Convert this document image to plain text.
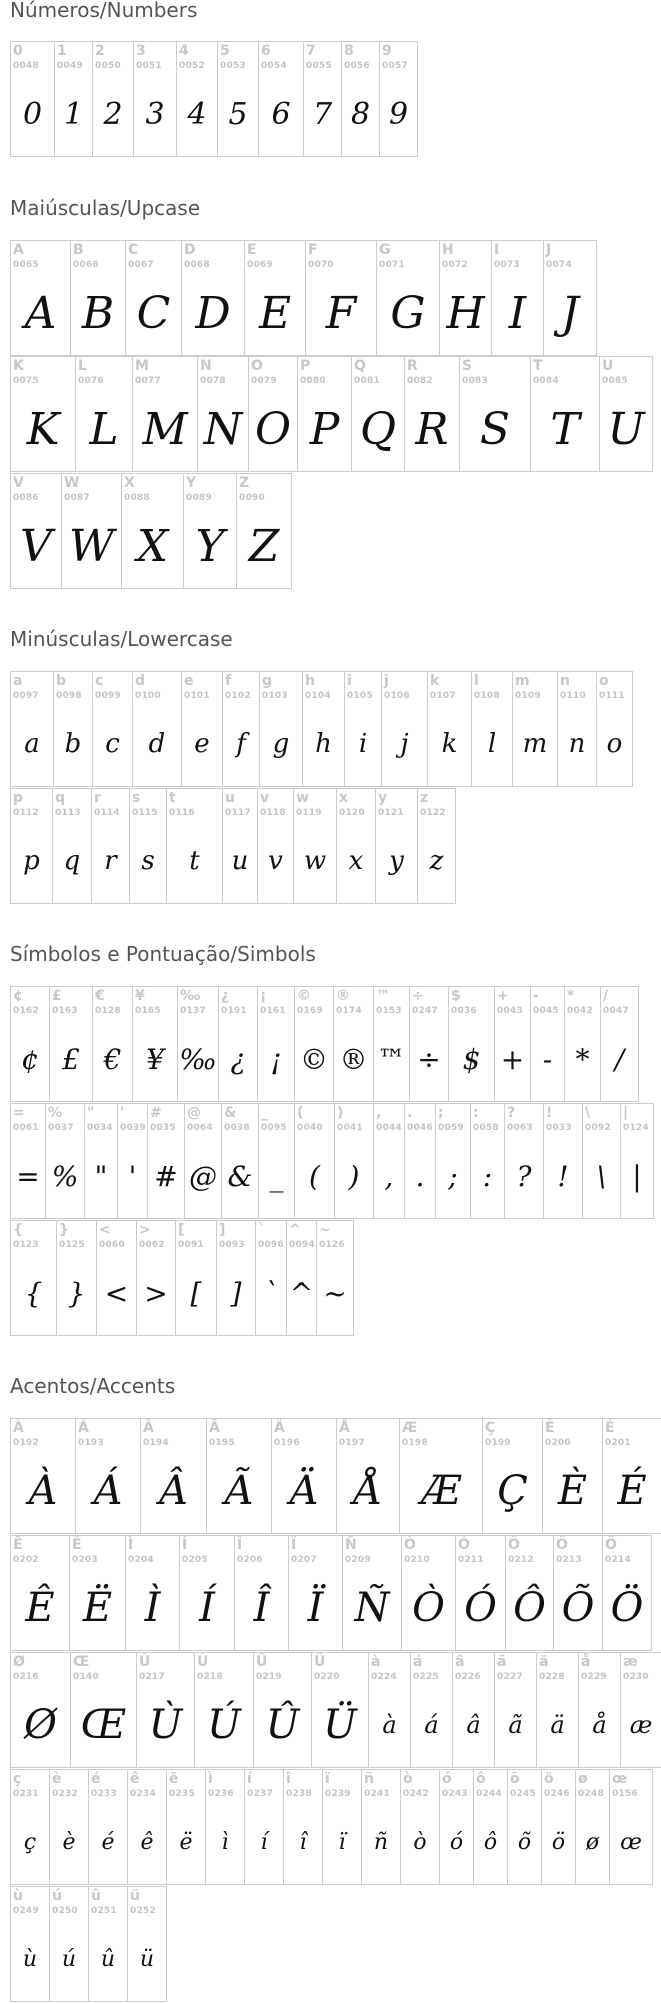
Números/Numbers
0
0048
0
1
0049
1
2
0050
2
3
0051
3
4
0052
4
5
0053
5
6
0054
6
7
0055
7
8
0056
8
9
0057
9
Maiúsculas/Upcase
A
0065
A
B
0066
B
C
0067
C
D
0068
D
E
0069
E
F
0070
F
G
0071
G
H
0072
H
I
0073
I
J
0074
J
K
0075
K
L
0076
L
M
0077
M
N
0078
N
O
0079
O
P
0080
P
Q
0081
Q
R
0082
R
S
0083
S
T
0084
T
U
0085
U
V
0086
V
W
0087
W
X
0088
X
Y
0089
Y
Z
0090
Z
Minúsculas/Lowercase
a
0097
a
b
0098
b
c
0099
c
d
0100
d
e
0101
e
f
0102
f
g
0103
g
h
0104
h
i
0105
i
j
0106
j
k
0107
k
l
0108
l
m
0109
m
n
0110
n
o
0111
o
p
0112
p
q
0113
q
r
0114
r
s
0115
s
t
0116
t
u
0117
u
v
0118
v
w
0119
w
x
0120
x
y
0121
y
z
0122
z
Símbolos e Pontuação/Simbols
¢
0162
¢
£
0163
£
€
0128
€
¥
0165
¥
‰
0137
‰
¿
0191
¿
¡
0161
¡
©
0169
©
®
0174
®
™
0153
™
÷
0247
÷
$
0036
$
+
0043
+
-
0045
-
*
0042
*
/
0047
/
=
0061
=
%
0037
%
"
0034
"
'
0039
'
#
0035
#
@
0064
@
&
0038
&
_
0095
_
(
0040
(
)
0041
)
,
0044
,
.
0046
.
;
0059
;
:
0058
:
?
0063
?
!
0033
!
\
0092
\
|
0124
|
{
0123
{
}
0125
}
<
0060
<
>
0062
>
[
0091
[
]
0093
]
`
0096
`
^
0094
^
~
0126
~
Acentos/Accents
À
0192
À
Á
0193
Á
Â
0194
Â
Ã
0195
Ã
Ä
0196
Ä
Å
0197
Å
Æ
0198
Æ
Ç
0199
Ç
È
0200
È
É
0201
É
Ê
0202
Ê
Ë
0203
Ë
Ì
0204
Ì
Í
0205
Í
Î
0206
Î
Ï
0207
Ï
Ñ
0209
Ñ
Ò
0210
Ò
Ó
0211
Ó
Ô
0212
Ô
Ö
0213
Õ
Ö
0214
Ö
Ø
0216
Ø
Œ
0140
Œ
Ù
0217
Ù
Ú
0218
Ú
Û
0219
Û
Ü
0220
Ü
à
0224
à
á
0225
á
â
0226
â
ã
0227
ã
ä
0228
ä
å
0229
å
æ
0230
æ
ç
0231
ç
è
0232
è
é
0233
é
ê
0234
ê
ë
0235
ë
ì
0236
ì
í
0237
í
î
0238
î
ï
0239
ï
ñ
0241
ñ
ò
0242
ò
ó
0243
ó
ô
0244
ô
õ
0245
õ
ö
0246
ö
ø
0248
ø
œ
0156
œ
ù
0249
ù
ú
0250
ú
û
0251
û
ü
0252
ü
